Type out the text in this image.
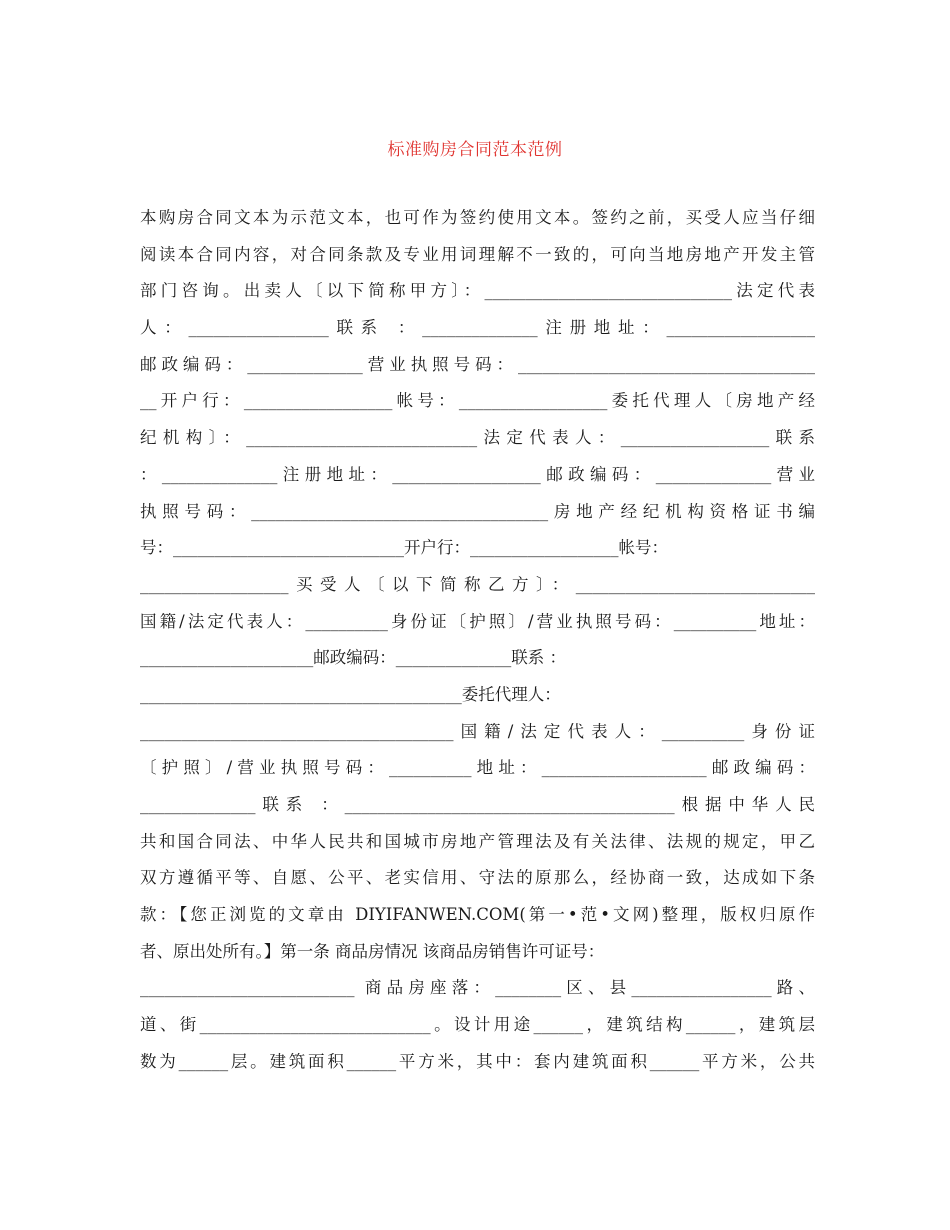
标准购房合同范本范例
本购房合同文本为示范文本，也可作为签约使用文本。签约之前，买受人应当仔细
阅读本合同内容，对合同条款及专业用词理解不一致的，可向当地房地产开发主管
部门咨询。出卖人〔以下简称甲方〕：______________________________法定代表
人：_________________联系 ：______________注册地址：__________________
邮政编码：______________营业执照号码：____________________________________
__开户行：__________________帐号：__________________委托代理人〔房地产经
纪机构〕：____________________________法定代表人：__________________联系
：______________注册地址：__________________邮政编码：______________营业
执照号码：____________________________________房地产经纪机构资格证书编
号：____________________________开户行：__________________帐号：
__________________买受人〔以下简称乙方〕：_____________________________
国籍/法定代表人：__________身份证〔护照〕/营业执照号码：__________地址：
_____________________邮政编码：______________联系 ：
_______________________________________委托代理人：
______________________________________国籍/法定代表人：__________身份证
〔护照〕/营业执照号码：__________地址：____________________邮政编码：
______________联系 ：________________________________________根据中华人民
共和国合同法、中华人民共和国城市房地产管理法及有关法律、法规的规定，甲乙
双方遵循平等、自愿、公平、老实信用、守法的原那么，经协商一致，达成如下条
款：【您正浏览的文章由 DIYIFANWEN.COM(第一•范•文网)整理，版权归原作
者、原出处所有。】第一条 商品房情况 该商品房销售许可证号：
__________________________ 商品房座落：________区、县_________________路、
道、街____________________________。设计用途______，建筑结构______，建筑层
数为______层。建筑面积______平方米，其中：套内建筑面积______平方米，公共
